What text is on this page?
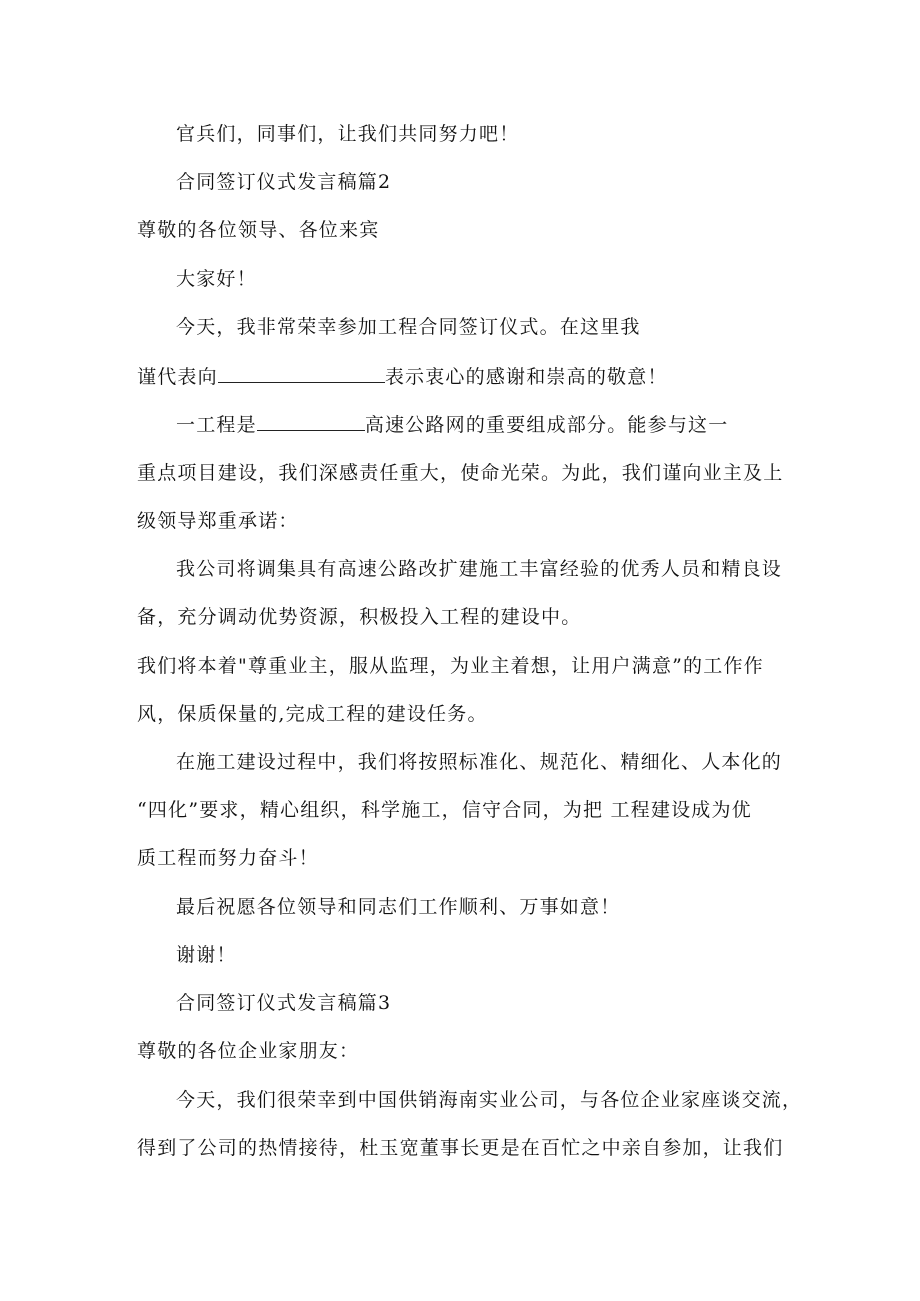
官兵们，同事们，让我们共同努力吧！
合同签订仪式发言稿篇2
尊敬的各位领导、各位来宾
大家好！
今天，我非常荣幸参加工程合同签订仪式。在这里我
谨代表向	表示衷心的感谢和崇高的敬意！
一工程是	高速公路网的重要组成部分。能参与这一
重点项目建设，我们深感责任重大，使命光荣。为此，我们谨向业主及上
级领导郑重承诺：
我公司将调集具有高速公路改扩建施工丰富经验的优秀人员和精良设
备，充分调动优势资源，积极投入工程的建设中。
我们将本着"尊重业主，服从监理，为业主着想，让用户满意”的工作作
风，保质保量的,完成工程的建设任务。
在施工建设过程中，我们将按照标准化、规范化、精细化、人本化的
“四化”要求，精心组织，科学施工，信守合同，为把 工程建设成为优
质工程而努力奋斗！
最后祝愿各位领导和同志们工作顺利、万事如意！
谢谢！
合同签订仪式发言稿篇3
尊敬的各位企业家朋友：
今天，我们很荣幸到中国供销海南实业公司，与各位企业家座谈交流，
得到了公司的热情接待，杜玉宽董事长更是在百忙之中亲自参加，让我们
